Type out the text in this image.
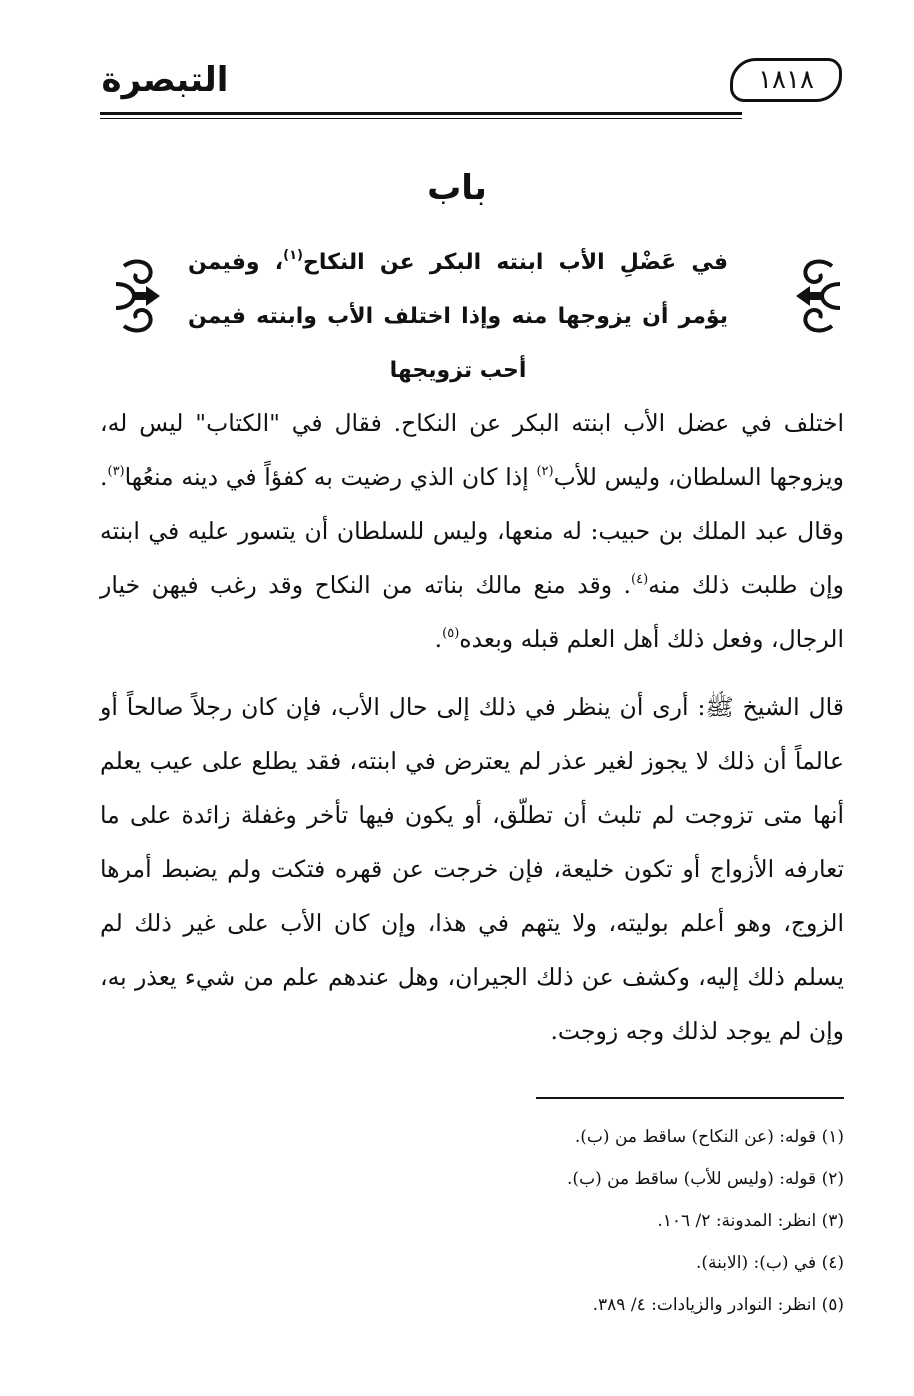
التبصرة	١٨١٨
باب
في عَضْلِ الأب ابنته البكر عن النكاح$^{(١)}$، وفيمن يؤمر أن يزوجها منه وإذا اختلف الأب وابنته فيمن أحب تزويجها

اختلف في عضل الأب ابنته البكر عن النكاح. فقال في "الكتاب" ليس له، ويزوجها السلطان، وليس للأب$^{(٢)}$ إذا كان الذي رضيت به كفؤاً في دينه منعُها$^{(٣)}$. وقال عبد الملك بن حبيب: له منعها، وليس للسلطان أن يتسور عليه في ابنته وإن طلبت ذلك منه$^{(٤)}$. وقد منع مالك بناته من النكاح وقد رغب فيهن خيار الرجال، وفعل ذلك أهل العلم قبله وبعده$^{(٥)}$.

قال الشيخ ﷺ: أرى أن ينظر في ذلك إلى حال الأب، فإن كان رجلاً صالحاً أو عالماً أن ذلك لا يجوز لغير عذر لم يعترض في ابنته، فقد يطلع على عيب يعلم أنها متى تزوجت لم تلبث أن تطلّق، أو يكون فيها تأخر وغفلة زائدة على ما تعارفه الأزواج أو تكون خليعة، فإن خرجت عن قهره فتكت ولم يضبط أمرها الزوج، وهو أعلم بوليته، ولا يتهم في هذا، وإن كان الأب على غير ذلك لم يسلم ذلك إليه، وكشف عن ذلك الجيران، وهل عندهم علم من شيء يعذر به، وإن لم يوجد لذلك وجه زوجت.

(١) قوله: (عن النكاح) ساقط من (ب).
(٢) قوله: (وليس للأب) ساقط من (ب).
(٣) انظر: المدونة: ٢/ ١٠٦.
(٤) في (ب): (الابنة).
(٥) انظر: النوادر والزيادات: ٤/ ٣٨٩.
